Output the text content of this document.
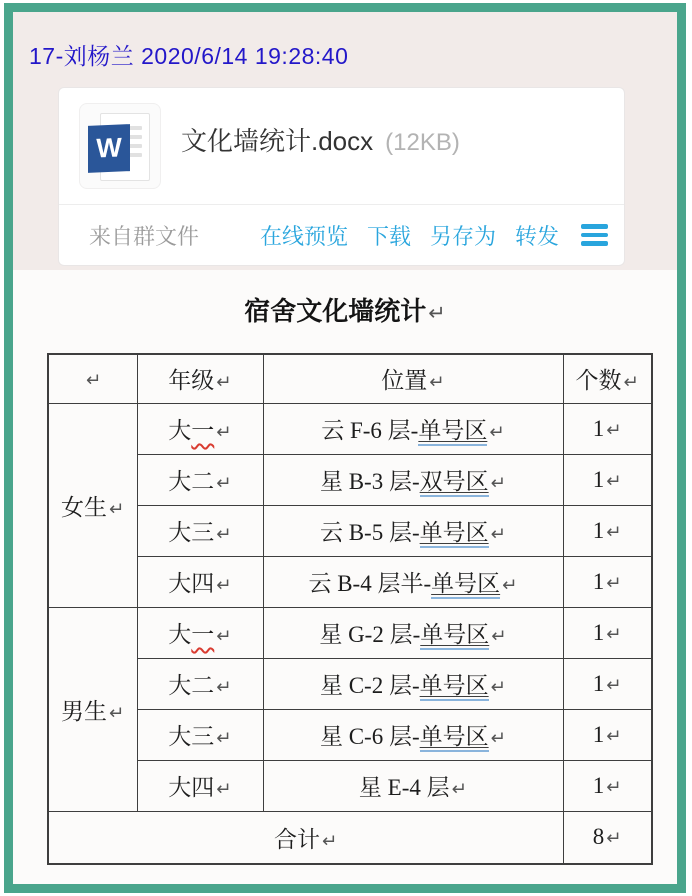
17-刘杨兰 2020/6/14 19:28:40
W	文化墙统计.docx (12KB)
来自群文件	在线预览 下载 另存为 转发
宿舍文化墙统计↵
↵	年级 ↵	位置 ↵	个数 ↵
女生 ↵	大一 ↵	云 F-6 层-单号区 ↵	1 ↵
	大二 ↵	星 B-3 层-双号区 ↵	1 ↵
	大三 ↵	云 B-5 层-单号区 ↵	1 ↵
	大四 ↵	云 B-4 层半-单号区 ↵	1 ↵
男生 ↵	大一 ↵	星 G-2 层-单号区 ↵	1 ↵
	大二 ↵	星 C-2 层-单号区 ↵	1 ↵
	大三 ↵	星 C-6 层-单号区 ↵	1 ↵
	大四 ↵	星 E-4 层 ↵	1 ↵
合计 ↵			8 ↵
